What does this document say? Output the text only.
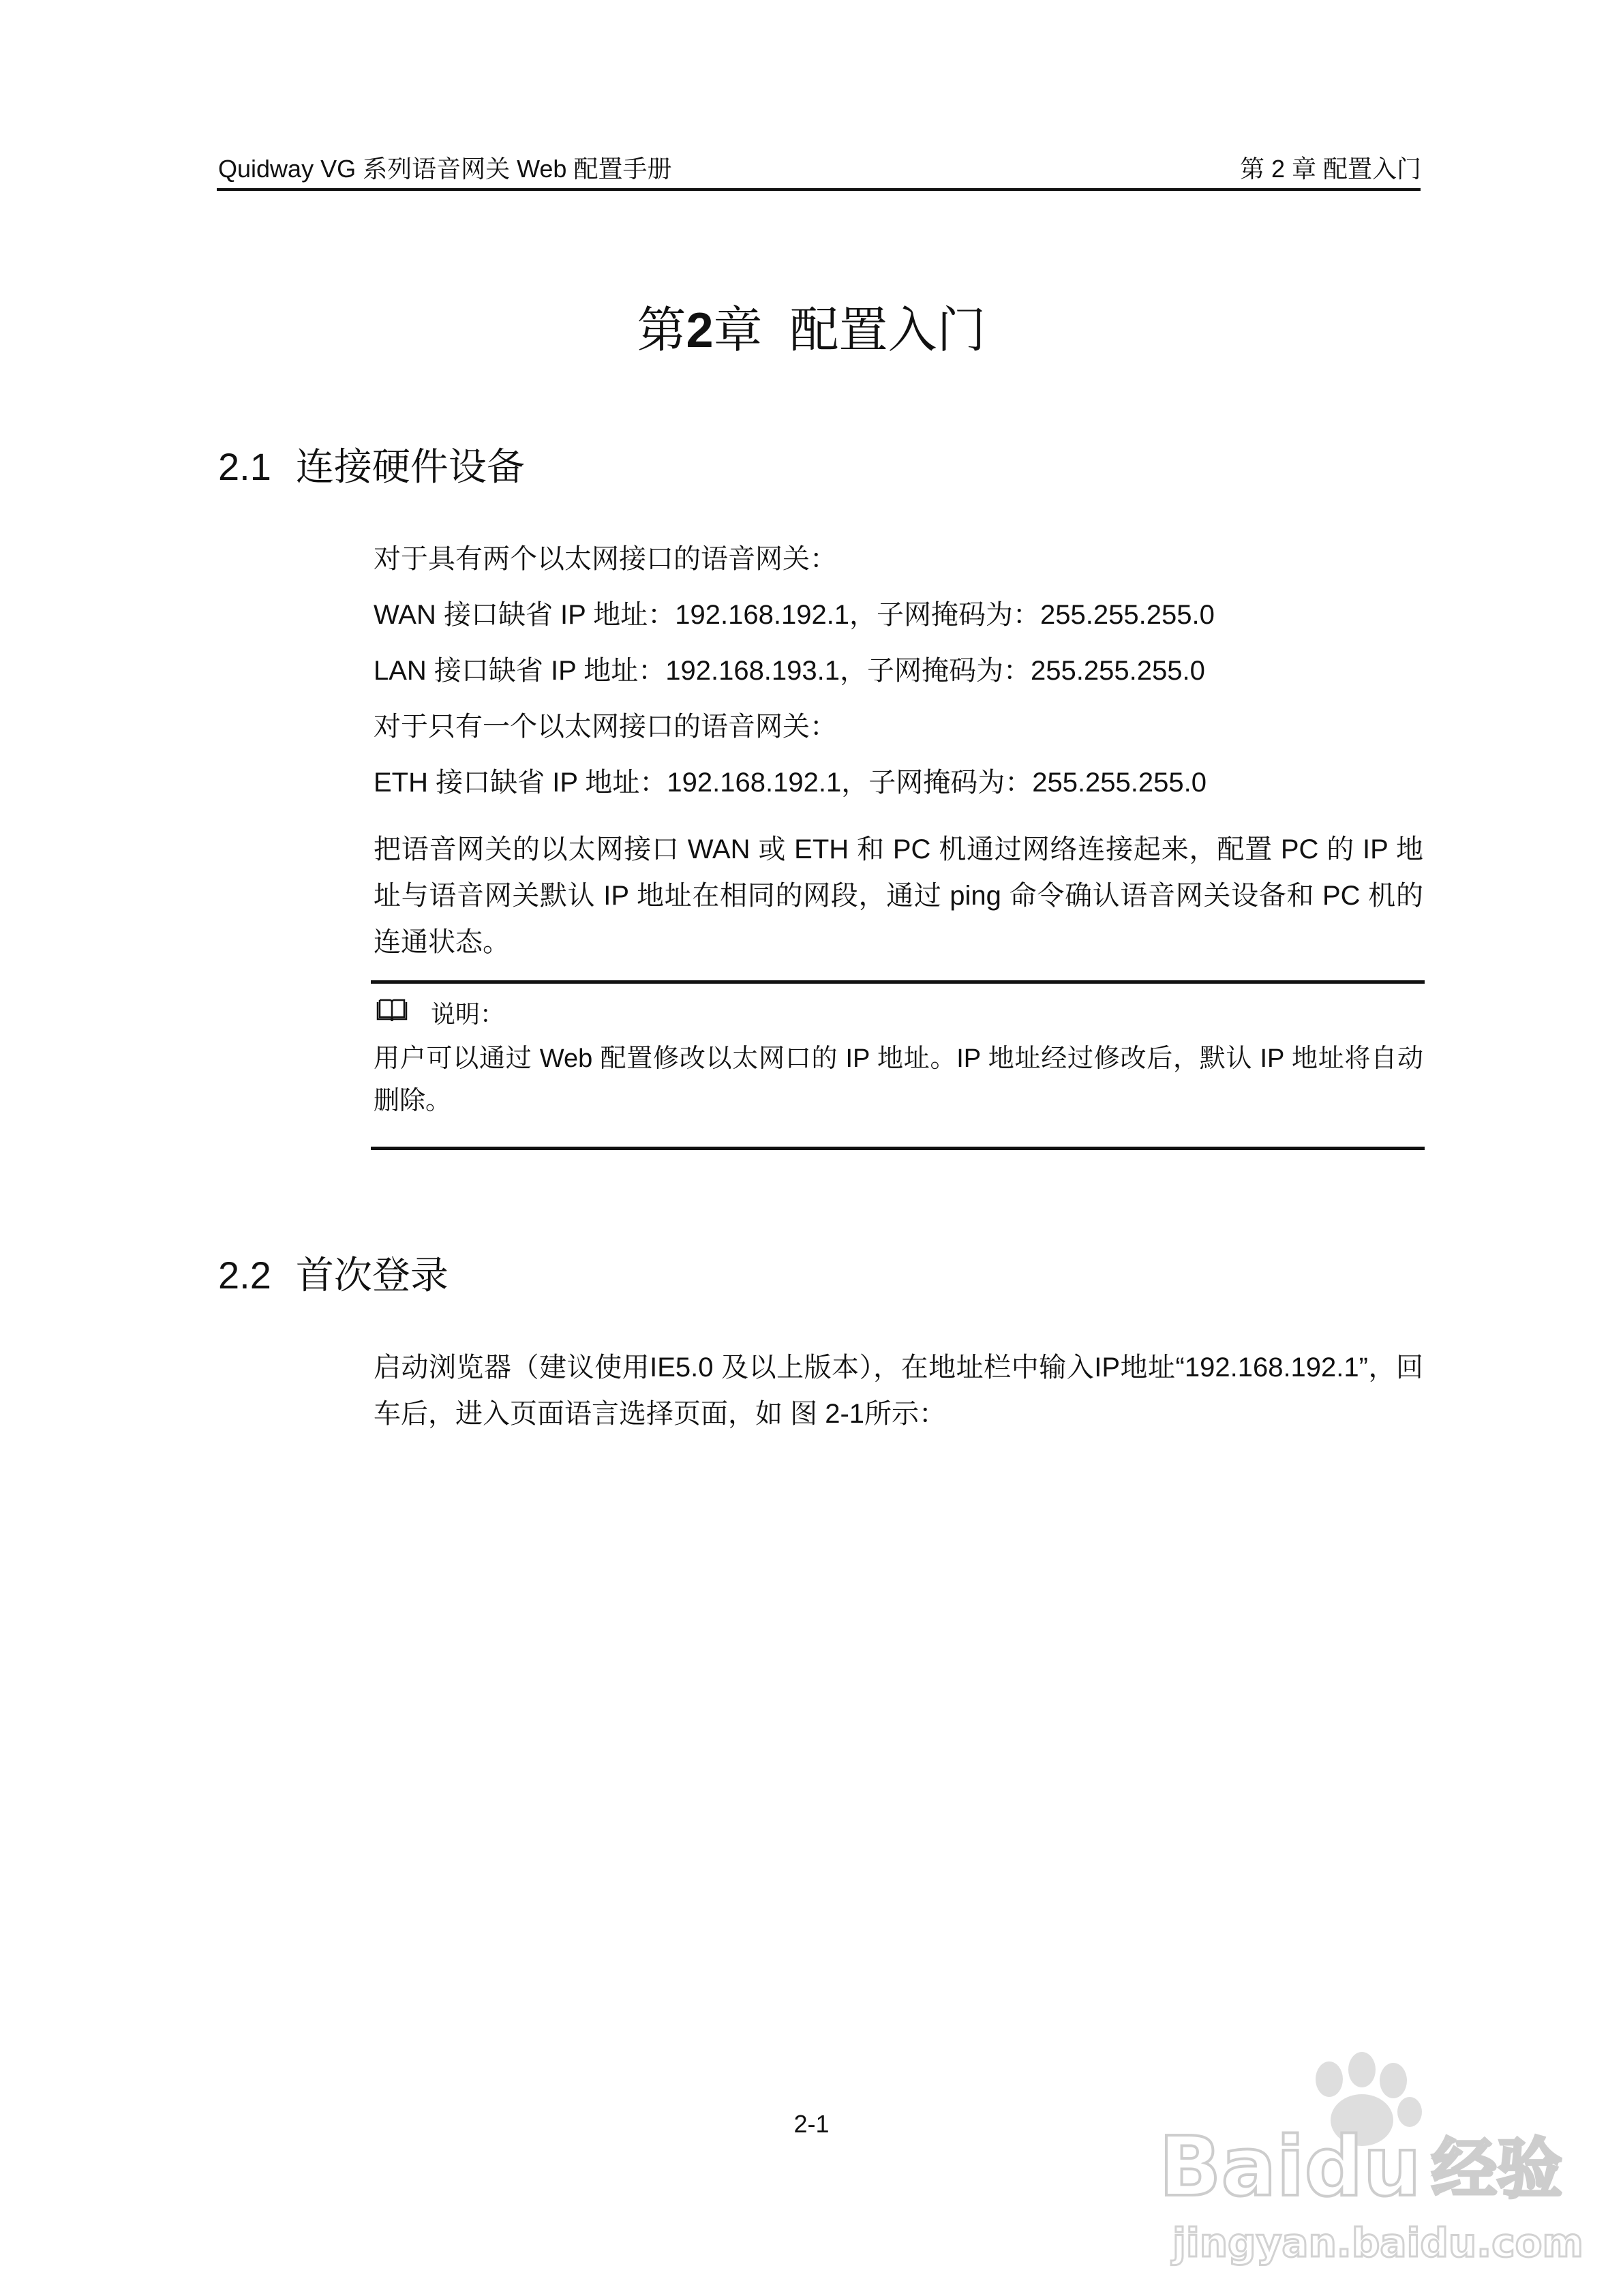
Quidway VG 系列语音网关 Web 配置手册	第 2 章 配置入门
第2章 配置入门
2.1 连接硬件设备
对于具有两个以太网接口的语音网关：
WAN 接口缺省 IP 地址：192.168.192.1，子网掩码为：255.255.255.0
LAN 接口缺省 IP 地址：192.168.193.1，子网掩码为：255.255.255.0
对于只有一个以太网接口的语音网关：
ETH 接口缺省 IP 地址：192.168.192.1，子网掩码为：255.255.255.0
把语音网关的以太网接口 WAN 或 ETH 和 PC 机通过网络连接起来，配置 PC 的 IP 地址与语音网关默认 IP 地址在相同的网段，通过 ping 命令确认语音网关设备和 PC 机的连通状态。
说明：
用户可以通过 Web 配置修改以太网口的 IP 地址。IP 地址经过修改后，默认 IP 地址将自动删除。
2.2 首次登录
启动浏览器（建议使用IE5.0 及以上版本），在地址栏中输入IP地址“192.168.192.1”，回车后，进入页面语言选择页面，如 图 2-1所示：
2-1	Baidu 经验
jingyan.baidu.com
